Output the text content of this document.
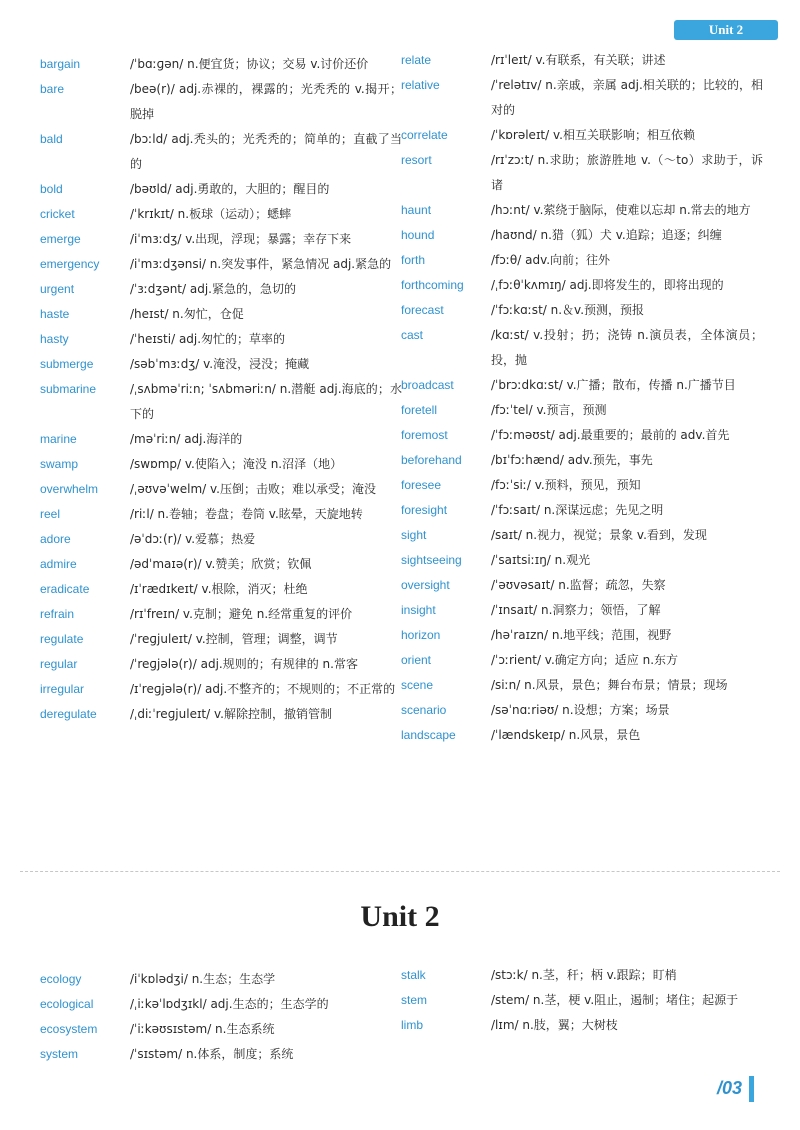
Unit 2
bargain	/ˈbɑːɡən/ n.便宜货；协议；交易 v.讨价还价
bare	/beə(r)/ adj.赤裸的，裸露的；光秃秃的 v.揭开；脱掉
bald	/bɔːld/ adj.秃头的；光秃秃的；简单的；直截了当的
bold	/bəʊld/ adj.勇敢的，大胆的；醒目的
cricket	/ˈkrɪkɪt/ n.板球（运动）；蟋蟀
emerge	/iˈmɜːdʒ/ v.出现，浮现；暴露；幸存下来
emergency	/iˈmɜːdʒənsi/ n.突发事件，紧急情况 adj.紧急的
urgent	/ˈɜːdʒənt/ adj.紧急的，急切的
haste	/heɪst/ n.匆忙，仓促
hasty	/ˈheɪsti/ adj.匆忙的；草率的
submerge	/səbˈmɜːdʒ/ v.淹没，浸没；掩藏
submarine	/ˌsʌbməˈriːn; ˈsʌbməriːn/ n.潜艇 adj.海底的；水下的
marine	/məˈriːn/ adj.海洋的
swamp	/swɒmp/ v.使陷入；淹没 n.沼泽（地）
overwhelm	/ˌəʊvəˈwelm/ v.压倒；击败；难以承受；淹没
reel	/riːl/ n.卷轴；卷盘；卷筒 v.眩晕，天旋地转
adore	/əˈdɔː(r)/ v.爱慕；热爱
admire	/ədˈmaɪə(r)/ v.赞美；欣赏；钦佩
eradicate	/ɪˈrædɪkeɪt/ v.根除，消灭；杜绝
refrain	/rɪˈfreɪn/ v.克制；避免 n.经常重复的评价
regulate	/ˈreɡjuleɪt/ v.控制，管理；调整，调节
regular	/ˈreɡjələ(r)/ adj.规则的；有规律的 n.常客
irregular	/ɪˈreɡjələ(r)/ adj.不整齐的；不规则的；不正常的
deregulate	/ˌdiːˈreɡjuleɪt/ v.解除控制，撤销管制
relate	/rɪˈleɪt/ v.有联系，有关联；讲述
relative	/ˈrelətɪv/ n.亲戚，亲属 adj.相关联的；比较的，相对的
correlate	/ˈkɒrəleɪt/ v.相互关联影响；相互依赖
resort	/rɪˈzɔːt/ n.求助；旅游胜地 v.（～to）求助于，诉诸
haunt	/hɔːnt/ v.萦绕于脑际，使难以忘却 n.常去的地方
hound	/haʊnd/ n.猎（狐）犬 v.追踪；追逐；纠缠
forth	/fɔːθ/ adv.向前；往外
forthcoming	/ˌfɔːθˈkʌmɪŋ/ adj.即将发生的，即将出现的
forecast	/ˈfɔːkɑːst/ n.＆v.预测，预报
cast	/kɑːst/ v.投射；扔；浇铸 n.演员表，全体演员；投，抛
broadcast	/ˈbrɔːdkɑːst/ v.广播；散布，传播 n.广播节目
foretell	/fɔːˈtel/ v.预言，预测
foremost	/ˈfɔːməʊst/ adj.最重要的；最前的 adv.首先
beforehand	/bɪˈfɔːhænd/ adv.预先，事先
foresee	/fɔːˈsiː/ v.预料，预见，预知
foresight	/ˈfɔːsaɪt/ n.深谋远虑；先见之明
sight	/saɪt/ n.视力，视觉；景象 v.看到，发现
sightseeing	/ˈsaɪtsiːɪŋ/ n.观光
oversight	/ˈəʊvəsaɪt/ n.监督；疏忽，失察
insight	/ˈɪnsaɪt/ n.洞察力；领悟，了解
horizon	/həˈraɪzn/ n.地平线；范围，视野
orient	/ˈɔːrient/ v.确定方向；适应 n.东方
scene	/siːn/ n.风景，景色；舞台布景；情景；现场
scenario	/səˈnɑːriəʊ/ n.设想；方案；场景
landscape	/ˈlændskeɪp/ n.风景，景色
Unit 2
ecology	/iˈkɒlədʒi/ n.生态；生态学
ecological	/ˌiːkəˈlɒdʒɪkl/ adj.生态的；生态学的
ecosystem	/ˈiːkəʊsɪstəm/ n.生态系统
system	/ˈsɪstəm/ n.体系，制度；系统
stalk	/stɔːk/ n.茎，秆；柄 v.跟踪；盯梢
stem	/stem/ n.茎，梗 v.阻止，遏制；堵住；起源于
limb	/lɪm/ n.肢，翼；大树枝
/03
